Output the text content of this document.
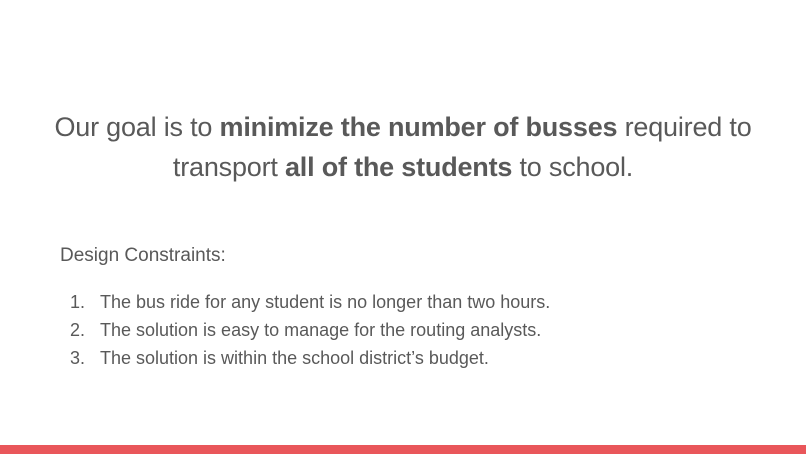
Our goal is to minimize the number of busses required to transport all of the students to school.
Design Constraints:
1. The bus ride for any student is no longer than two hours.
2. The solution is easy to manage for the routing analysts.
3. The solution is within the school district’s budget.
